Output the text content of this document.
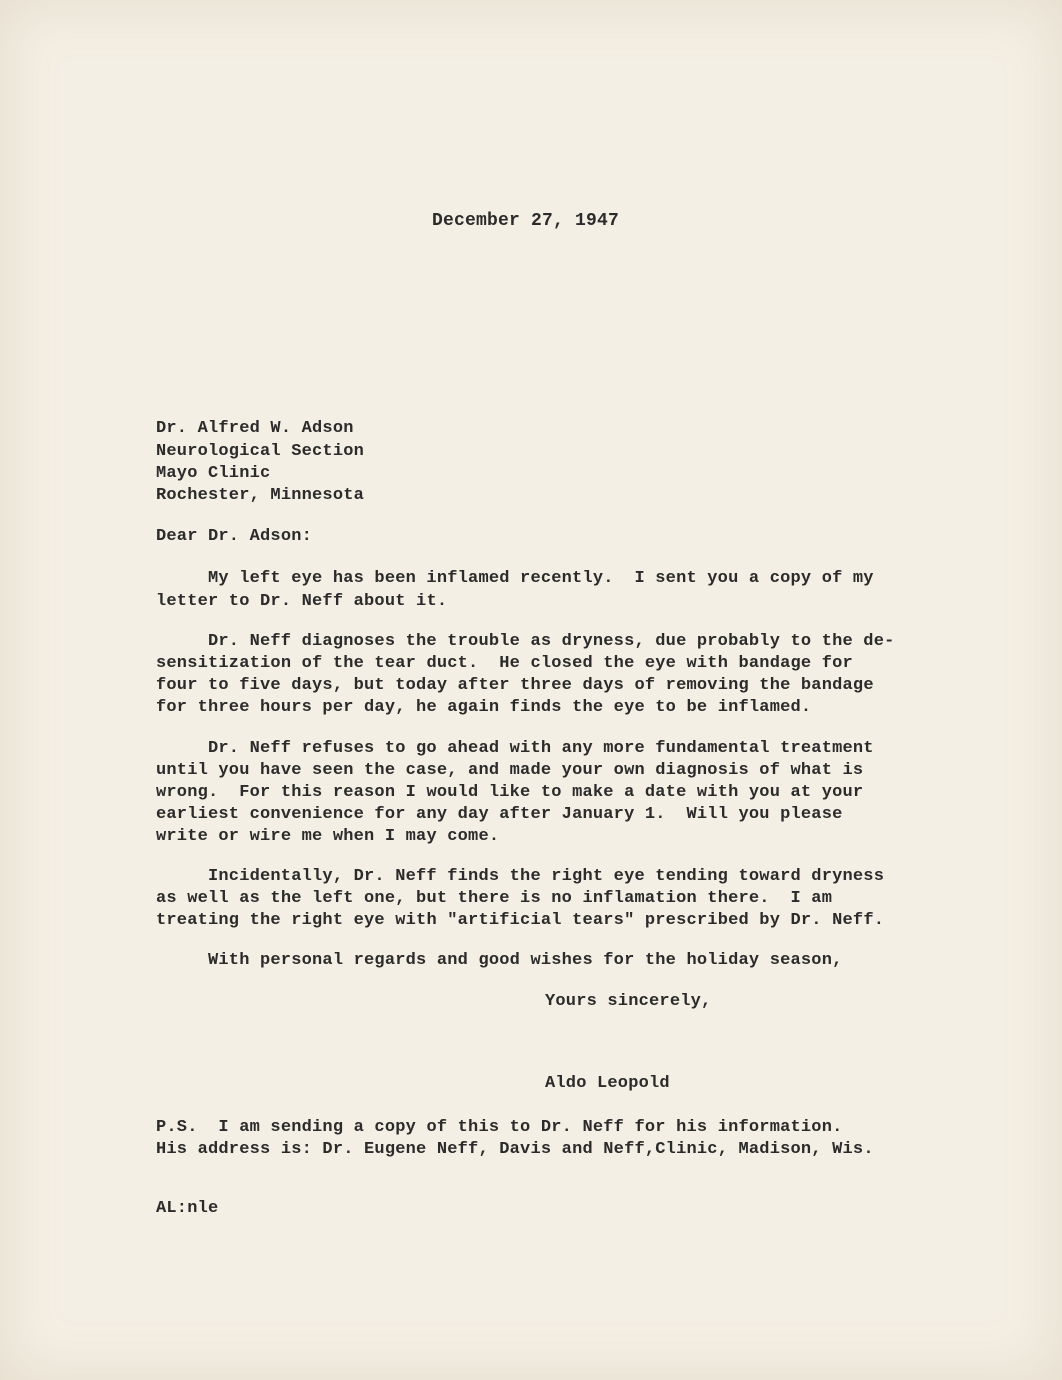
December 27, 1947
Dr. Alfred W. Adson
Neurological Section
Mayo Clinic
Rochester, Minnesota
Dear Dr. Adson:
My left eye has been inflamed recently.  I sent you a copy of my
letter to Dr. Neff about it.
Dr. Neff diagnoses the trouble as dryness, due probably to the de-
sensitization of the tear duct.  He closed the eye with bandage for
four to five days, but today after three days of removing the bandage
for three hours per day, he again finds the eye to be inflamed.
Dr. Neff refuses to go ahead with any more fundamental treatment
until you have seen the case, and made your own diagnosis of what is
wrong.  For this reason I would like to make a date with you at your
earliest convenience for any day after January 1.  Will you please
write or wire me when I may come.
Incidentally, Dr. Neff finds the right eye tending toward dryness
as well as the left one, but there is no inflamation there.  I am
treating the right eye with "artificial tears" prescribed by Dr. Neff.
With personal regards and good wishes for the holiday season,
Yours sincerely,
Aldo Leopold
P.S.  I am sending a copy of this to Dr. Neff for his information.
His address is: Dr. Eugene Neff, Davis and Neff,Clinic, Madison, Wis.
AL:nle
